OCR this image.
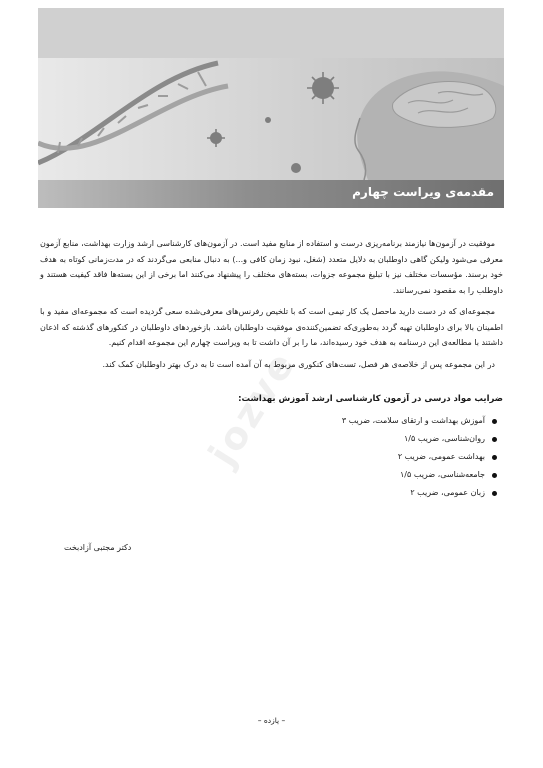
مقدمه‌ی ویراست چهارم
jozve

موفقیت در آزمون‌ها نیازمند برنامه‌ریزی درست و استفاده از منابع مفید است. در آزمون‌های کارشناسی ارشد وزارت بهداشت، منابع آزمون معرفی می‌شود ولیکن گاهی داوطلبان به دلایل متعدد (شغل، نبود زمان کافی و...) به دنبال منابعی می‌گردند که در مدت‌زمانی کوتاه به هدف خود برسند. مؤسسات مختلف نیز با تبلیغ مجموعه جزوات، بسته‌های مختلف را پیشنهاد می‌کنند اما برخی از این بسته‌ها فاقد کیفیت هستند و داوطلب را به مقصود نمی‌رسانند.

مجموعه‌ای که در دست دارید ماحصل یک کار تیمی است که با تلخیص رفرنس‌های معرفی‌شده سعی گردیده است که مجموعه‌ای مفید و با اطمینان بالا برای داوطلبان تهیه گردد به‌طوری‌که تضمین‌کننده‌ی موفقیت داوطلبان باشد. بازخوردهای داوطلبان در کنکورهای گذشته که اذعان داشتند با مطالعه‌ی این درسنامه به هدف خود رسیده‌اند، ما را بر آن داشت تا به ویراست چهارم این مجموعه اقدام کنیم.

در این مجموعه پس از خلاصه‌ی هر فصل، تست‌های کنکوری مربوط به آن آمده است تا به درک بهتر داوطلبان کمک کند.

ضرایب مواد درسی در آزمون کارشناسی ارشد آموزش بهداشت:
آموزش بهداشت و ارتقای سلامت، ضریب ۳
روان‌شناسی، ضریب ۱/۵
بهداشت عمومی، ضریب ۲
جامعه‌شناسی، ضریب ۱/۵
زبان عمومی، ضریب ۲
دکتر مجتبی آزادبخت
– یازده –
